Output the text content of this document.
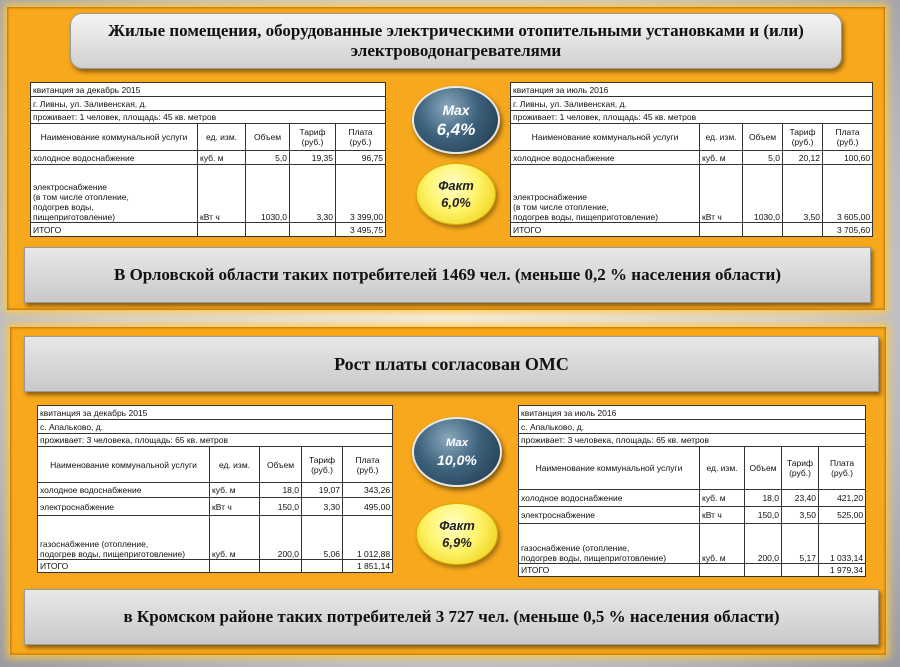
Жилые помещения, оборудованные электрическими отопительными установками и (или) электроводонагревателями
квитанция за декабрь 2015				
г. Ливны, ул. Заливенская, д.				
проживает: 1 человек, площадь: 45 кв. метров				
Наименование коммунальной услуги	ед. изм.	Объем	Тариф (руб.)	Плата (руб.)
холодное водоснабжение	куб. м	5,0	19,35	96,75
электроснабжение
(в том числе отопление,
подогрев воды,
пищеприготовление)	кВт ч	1030,0	3,30	3 399,00
ИТОГО				3 495,75
квитанция за июль 2016				
г. Ливны, ул. Заливенская, д.				
проживает: 1 человек, площадь: 45 кв. метров				
Наименование коммунальной услуги	ед. изм.	Объем	Тариф (руб.)	Плата (руб.)
холодное водоснабжение	куб. м	5,0	20,12	100,60
электроснабжение
(в том числе отопление,
подогрев воды, пищеприготовление)	кВт ч	1030,0	3,50	3 605,00
ИТОГО				3 705,60
Max
6,4%
Факт
6,0%
В Орловской области таких потребителей 1469 чел. (меньше 0,2 % населения области)
Рост платы согласован ОМС
квитанция за декабрь 2015				
с. Апальково, д.				
проживает: 3 человека, площадь: 65 кв. метров				
Наименование коммунальной услуги	ед. изм.	Объем	Тариф (руб.)	Плата (руб.)
холодное водоснабжение	куб. м	18,0	19,07	343,26
электроснабжение	кВт ч	150,0	3,30	495,00
газоснабжение (отопление,
подогрев воды, пищеприготовление)	куб. м	200,0	5,06	1 012,88
ИТОГО				1 851,14
квитанция за июль 2016				
с. Апальково, д.				
проживает: 3 человека, площадь: 65 кв. метров				
Наименование коммунальной услуги	ед. изм.	Объем	Тариф (руб.)	Плата (руб.)
холодное водоснабжение	куб. м	18,0	23,40	421,20
электроснабжение	кВт ч	150,0	3,50	525,00
газоснабжение (отопление,
подогрев воды, пищеприготовление)	куб. м	200,0	5,17	1 033,14
ИТОГО				1 979,34
Max
10,0%
Факт
6,9%
в Кромском районе таких потребителей 3 727 чел. (меньше 0,5 % населения области)
